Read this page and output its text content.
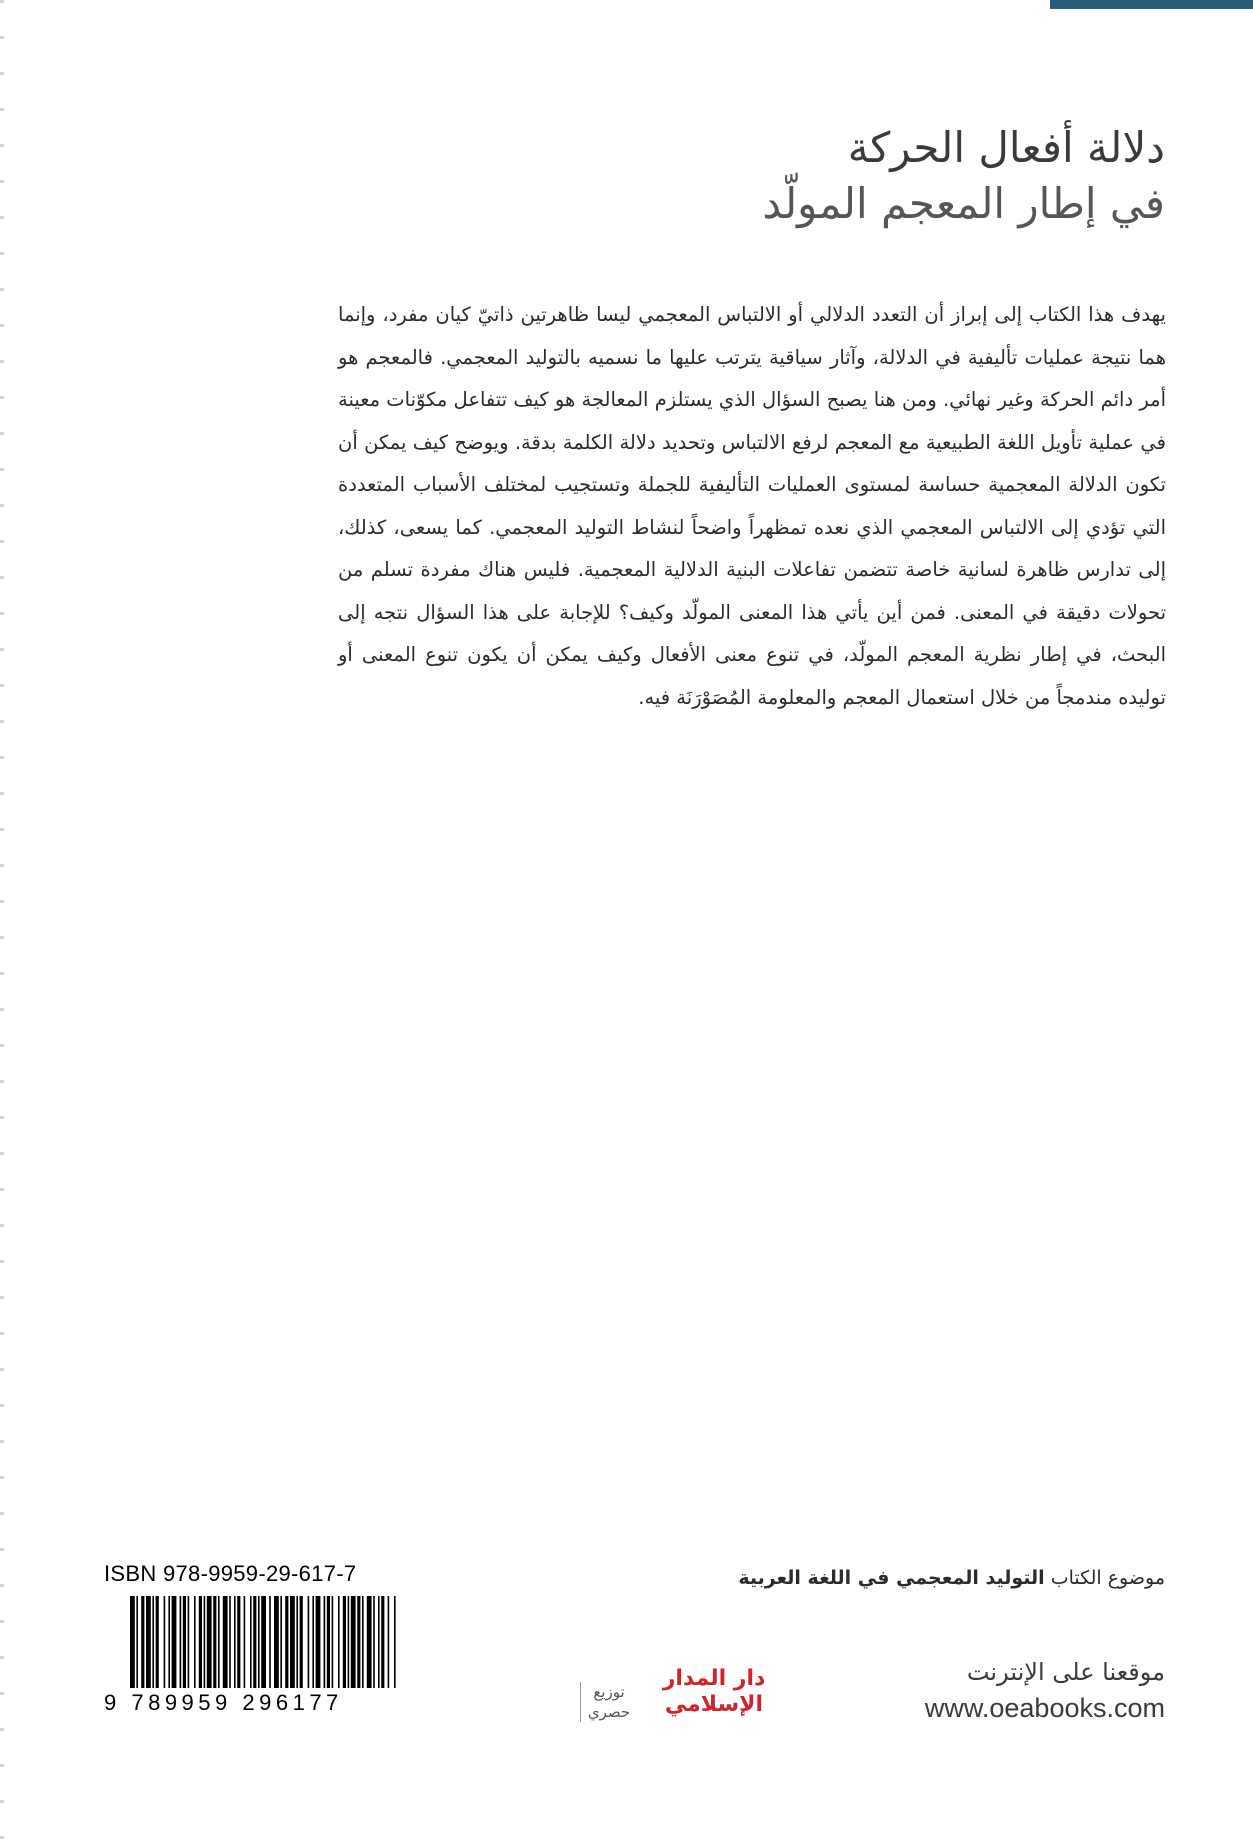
دلالة أفعال الحركة
في إطار المعجم المولّد
يهدف هذا الكتاب إلى إبراز أن التعدد الدلالي أو الالتباس المعجمي ليسا ظاهرتين ذاتيّ كيان مفرد، وإنما هما نتيجة عمليات تأليفية في الدلالة، وآثار سياقية يترتب عليها ما نسميه بالتوليد المعجمي. فالمعجم هو أمر دائم الحركة وغير نهائي. ومن هنا يصبح السؤال الذي يستلزم المعالجة هو كيف تتفاعل مكوّنات معينة في عملية تأويل اللغة الطبيعية مع المعجم لرفع الالتباس وتحديد دلالة الكلمة بدقة. ويوضح كيف يمكن أن تكون الدلالة المعجمية حساسة لمستوى العمليات التأليفية للجملة وتستجيب لمختلف الأسباب المتعددة التي تؤدي إلى الالتباس المعجمي الذي نعده تمظهراً واضحاً لنشاط التوليد المعجمي. كما يسعى، كذلك، إلى تدارس ظاهرة لسانية خاصة تتضمن تفاعلات البنية الدلالية المعجمية. فليس هناك مفردة تسلم من تحولات دقيقة في المعنى. فمن أين يأتي هذا المعنى المولّد وكيف؟ للإجابة على هذا السؤال نتجه إلى البحث، في إطار نظرية المعجم المولّد، في تنوع معنى الأفعال وكيف يمكن أن يكون تنوع المعنى أو توليده مندمجاً من خلال استعمال المعجم والمعلومة المُصَوْرَنَة فيه.
موضوع الكتاب التوليد المعجمي في اللغة العربية
موقعنا على الإنترنت
www.oeabooks.com
دار المدار
الإسلامي
توزيع
حصري
ISBN 978-9959-29-617-7
9 789959 296177
